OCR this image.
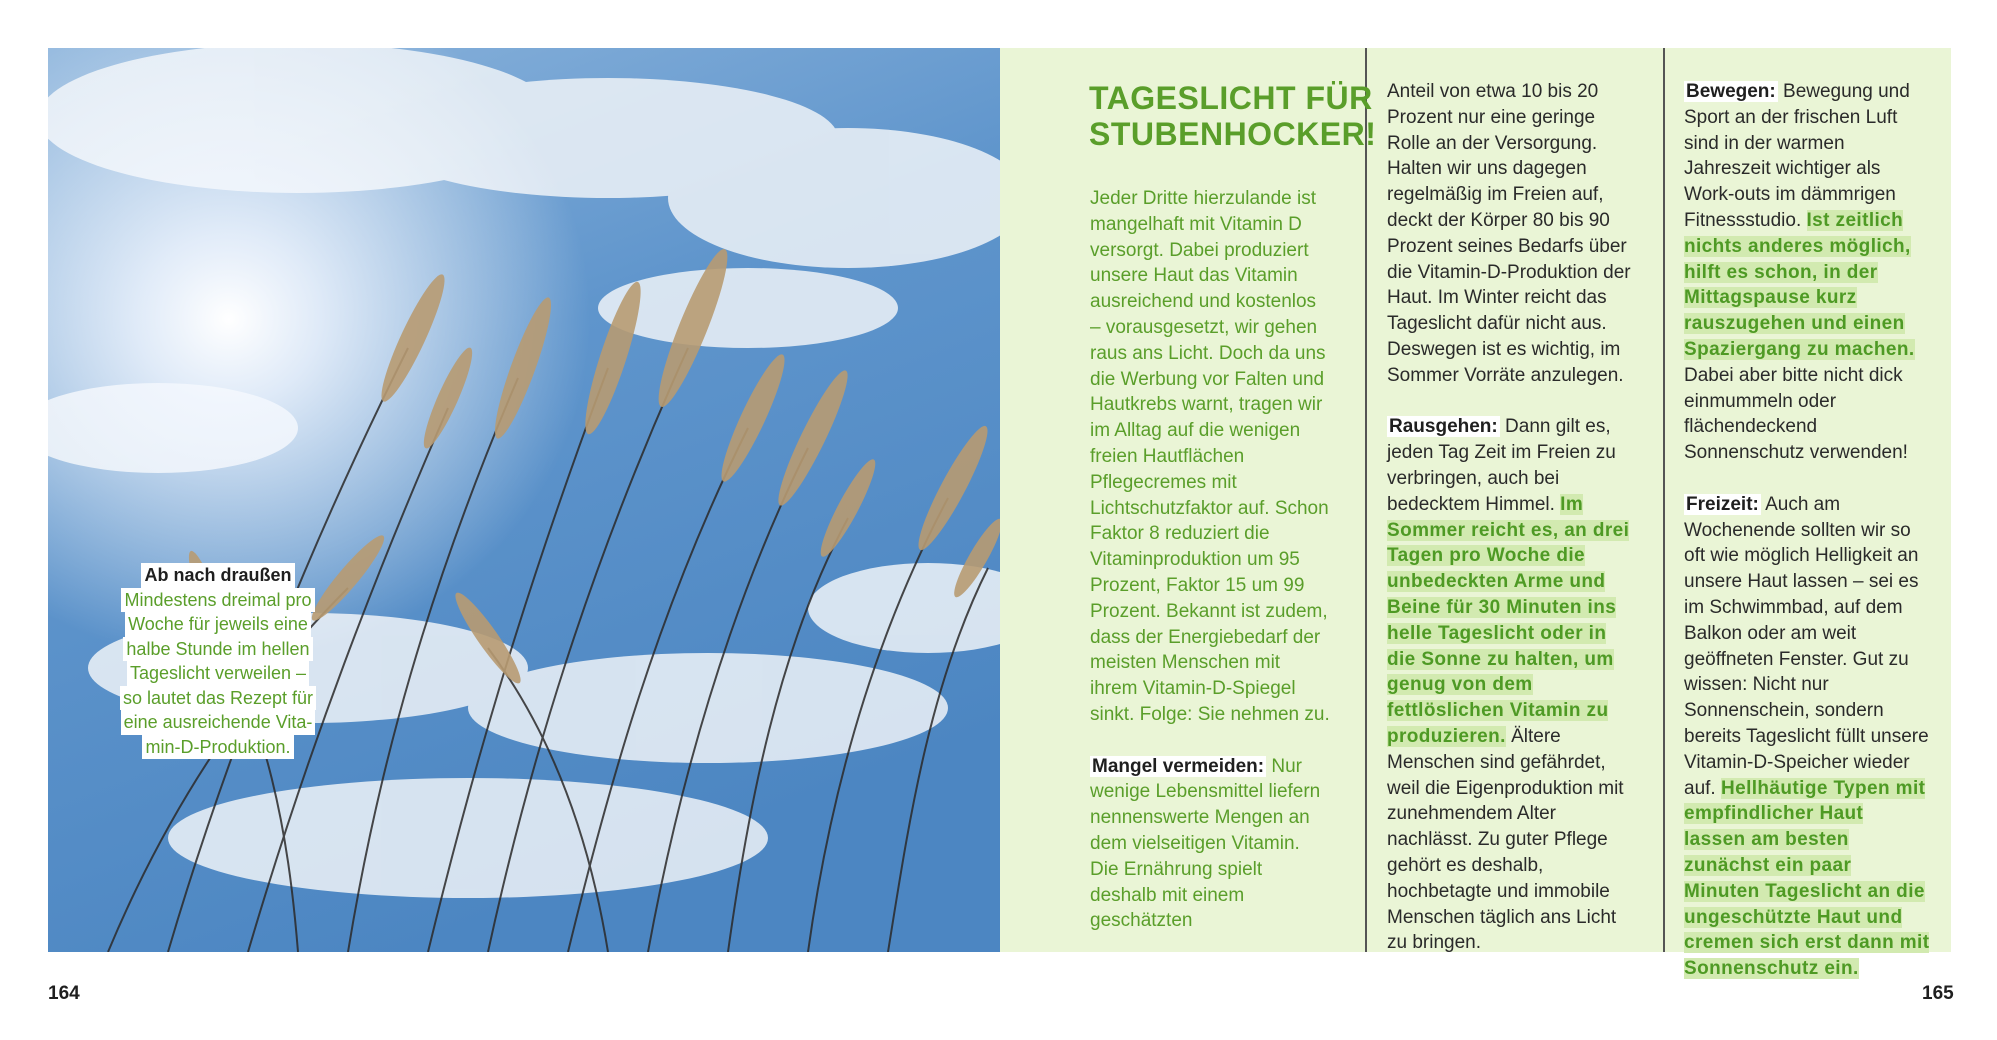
Ab nach draußen
Mindestens dreimal pro
Woche für jeweils eine
halbe Stunde im hellen
Tageslicht verweilen –
so lautet das Rezept für
eine ausreichende Vita-
min-D-Produktion.
TAGESLICHT FÜR
STUBENHOCKER!

Jeder Dritte hierzulande ist mangelhaft mit Vitamin D versorgt. Dabei produziert unsere Haut das Vitamin ausreichend und kostenlos – vorausgesetzt, wir gehen raus ans Licht. Doch da uns die Werbung vor Falten und Hautkrebs warnt, tragen wir im Alltag auf die wenigen freien Hautflächen Pflegecremes mit Lichtschutzfaktor auf. Schon Faktor 8 reduziert die Vitaminproduktion um 95 Prozent, Faktor 15 um 99 Prozent. Bekannt ist zudem, dass der Energiebedarf der meisten Menschen mit ihrem Vitamin-D-Spiegel sinkt. Folge: Sie nehmen zu.

Mangel vermeiden: Nur wenige Lebensmittel liefern nennenswerte Mengen an dem vielseitigen Vitamin. Die Ernährung spielt deshalb mit einem geschätzten

Anteil von etwa 10 bis 20 Prozent nur eine geringe Rolle an der Versorgung. Halten wir uns dagegen regelmäßig im Freien auf, deckt der Körper 80 bis 90 Prozent seines Bedarfs über die Vitamin-D-Produktion der Haut. Im Winter reicht das Tageslicht dafür nicht aus. Deswegen ist es wichtig, im Sommer Vorräte anzulegen.

Rausgehen: Dann gilt es, jeden Tag Zeit im Freien zu verbringen, auch bei bedecktem Himmel. Im Sommer reicht es, an drei Tagen pro Woche die unbedeckten Arme und Beine für 30 Minuten ins helle Tageslicht oder in die Sonne zu halten, um genug von dem fettlöslichen Vitamin zu produzieren. Ältere Menschen sind gefährdet, weil die Eigenproduktion mit zunehmendem Alter nachlässt. Zu guter Pflege gehört es deshalb, hochbetagte und immobile Menschen täglich ans Licht zu bringen.

Bewegen: Bewegung und Sport an der frischen Luft sind in der warmen Jahreszeit wichtiger als Work-outs im dämmrigen Fitnessstudio. Ist zeitlich nichts anderes möglich, hilft es schon, in der Mittagspause kurz rauszugehen und einen Spaziergang zu machen. Dabei aber bitte nicht dick einmummeln oder flächendeckend Sonnenschutz verwenden!

Freizeit: Auch am Wochenende sollten wir so oft wie möglich Helligkeit an unsere Haut lassen – sei es im Schwimmbad, auf dem Balkon oder am weit geöffneten Fenster. Gut zu wissen: Nicht nur Sonnenschein, sondern bereits Tageslicht füllt unsere Vitamin-D-Speicher wieder auf. Hellhäutige Typen mit empfindlicher Haut lassen am besten zunächst ein paar Minuten Tageslicht an die ungeschützte Haut und cremen sich erst dann mit Sonnenschutz ein.

164	165
